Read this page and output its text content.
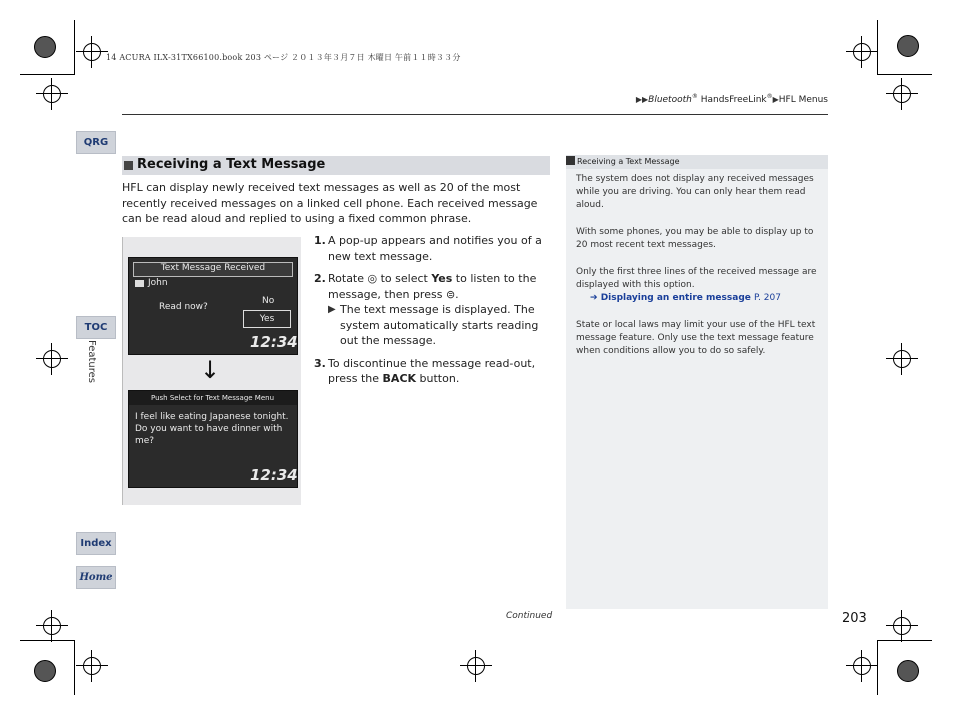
14 ACURA ILX-31TX66100.book 203 ページ ２０１３年３月７日 木曜日 午前１１時３３分
▶▶Bluetooth® HandsFreeLink®▶HFL Menus
QRG
TOC
Features
Index
Home
Receiving a Text Message
HFL can display newly received text messages as well as 20 of the most recently received messages on a linked cell phone. Each received message can be read aloud and replied to using a fixed common phrase.
Text Message Received
John
Read now?
No
Yes
12:34
↓
Push Select for Text Message Menu
I feel like eating Japanese tonight. Do you want to have dinner with me?
12:34
1. A pop-up appears and notifies you of a new text message.
2. Rotate ◎ to select Yes to listen to the message, then press ⊜.
▶ The text message is displayed. The system automatically starts reading out the message.
3. To discontinue the message read-out, press the BACK button.
Receiving a Text Message

The system does not display any received messages while you are driving. You can only hear them read aloud.

With some phones, you may be able to display up to 20 most recent text messages.

Only the first three lines of the received message are displayed with this option.

➔ Displaying an entire message P. 207

State or local laws may limit your use of the HFL text message feature. Only use the text message feature when conditions allow you to do so safely.

Continued	203
